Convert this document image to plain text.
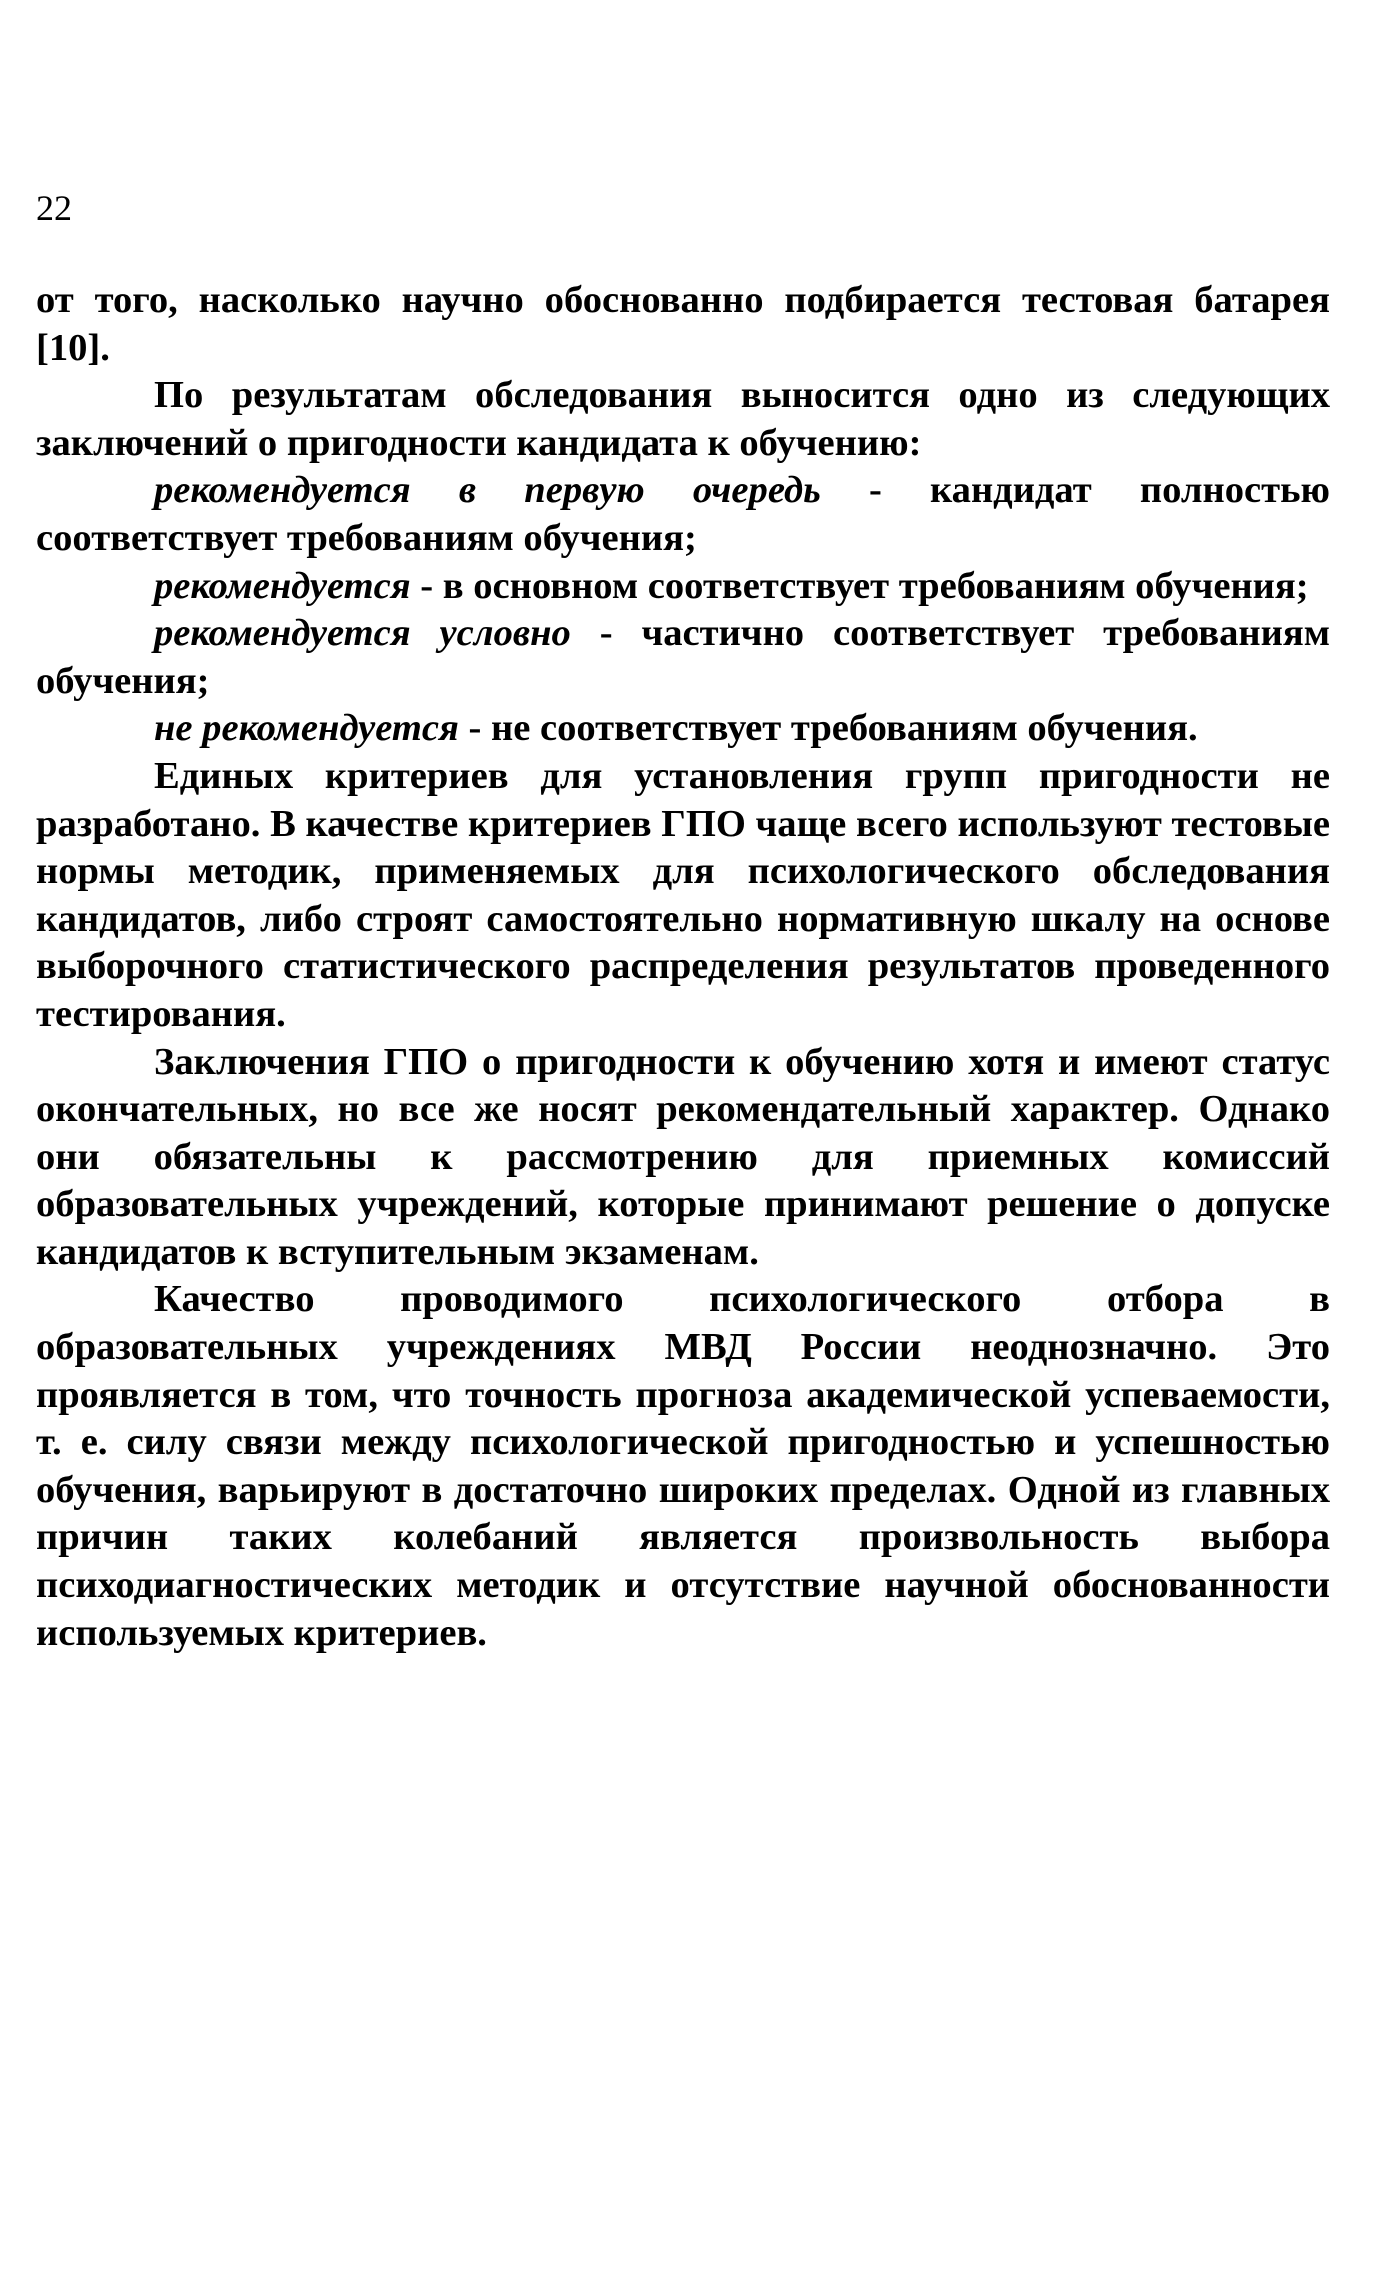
22

от того, насколько научно обоснованно подбирается тестовая батарея [10].

По результатам обследования выносится одно из следующих заключений о пригодности кандидата к обучению:

рекомендуется в первую очередь - кандидат полностью соответствует требованиям обучения;

рекомендуется - в основном соответствует требованиям обучения;

рекомендуется условно - частично соответствует требованиям обучения;

не рекомендуется - не соответствует требованиям обучения.

Единых критериев для установления групп пригодности не разработано. В качестве критериев ГПО чаще всего используют тестовые нормы методик, применяемых для психологического обследования кандидатов, либо строят самостоятельно нормативную шкалу на основе выборочного статистического распределения результатов проведенного тестирования.

Заключения ГПО о пригодности к обучению хотя и имеют статус окончательных, но все же носят рекомендательный характер. Однако они обязательны к рассмотрению для приемных комиссий образовательных учреждений, которые принимают решение о допуске кандидатов к вступительным экзаменам.

Качество проводимого психологического отбора в образовательных учреждениях МВД России неоднозначно. Это проявляется в том, что точность прогноза академической успеваемости, т. е. силу связи между психологической пригодностью и успешностью обучения, варьируют в достаточно широких пределах. Одной из главных причин таких колебаний является произвольность выбора психодиагностических методик и отсутствие научной обоснованности используемых критериев.
